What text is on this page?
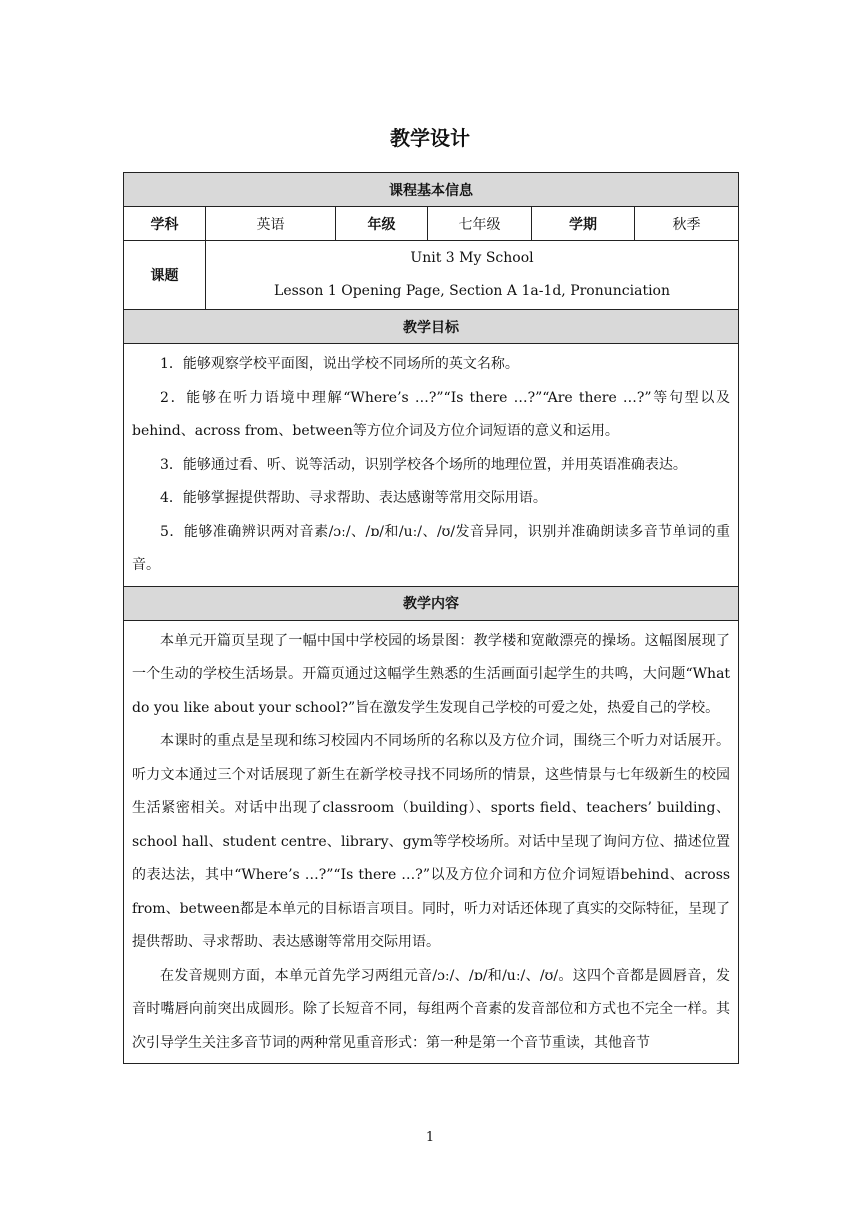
教学设计
课程基本信息					
学科	英语	年级	七年级	学期	秋季
课题	Unit 3 My School
Lesson 1 Opening Page, Section A 1a-1d, Pronunciation				

教学目标					

1．能够观察学校平面图，说出学校不同场所的英文名称。

2．能够在听力语境中理解“Where’s …?”“Is there …?”“Are there …?”等句型以及behind、across from、between等方位介词及方位介词短语的意义和运用。

3．能够通过看、听、说等活动，识别学校各个场所的地理位置，并用英语准确表达。

4．能够掌握提供帮助、寻求帮助、表达感谢等常用交际用语。

5．能够准确辨识两对音素/ɔː/、/ɒ/和/uː/、/ʊ/发音异同，识别并准确朗读多音节单词的重音。					

教学内容					

本单元开篇页呈现了一幅中国中学校园的场景图：教学楼和宽敞漂亮的操场。这幅图展现了一个生动的学校生活场景。开篇页通过这幅学生熟悉的生活画面引起学生的共鸣，大问题“What do you like about your school?”旨在激发学生发现自己学校的可爱之处，热爱自己的学校。

本课时的重点是呈现和练习校园内不同场所的名称以及方位介词，围绕三个听力对话展开。听力文本通过三个对话展现了新生在新学校寻找不同场所的情景，这些情景与七年级新生的校园生活紧密相关。对话中出现了classroom（building）、sports field、teachers’ building、school hall、student centre、library、gym等学校场所。对话中呈现了询问方位、描述位置的表达法，其中“Where’s …?”“Is there …?”以及方位介词和方位介词短语behind、across from、between都是本单元的目标语言项目。同时，听力对话还体现了真实的交际特征，呈现了提供帮助、寻求帮助、表达感谢等常用交际用语。

在发音规则方面，本单元首先学习两组元音/ɔː/、/ɒ/和/uː/、/ʊ/。这四个音都是圆唇音，发音时嘴唇向前突出成圆形。除了长短音不同，每组两个音素的发音部位和方式也不完全一样。其次引导学生关注多音节词的两种常见重音形式：第一种是第一个音节重读，其他音节					

1
